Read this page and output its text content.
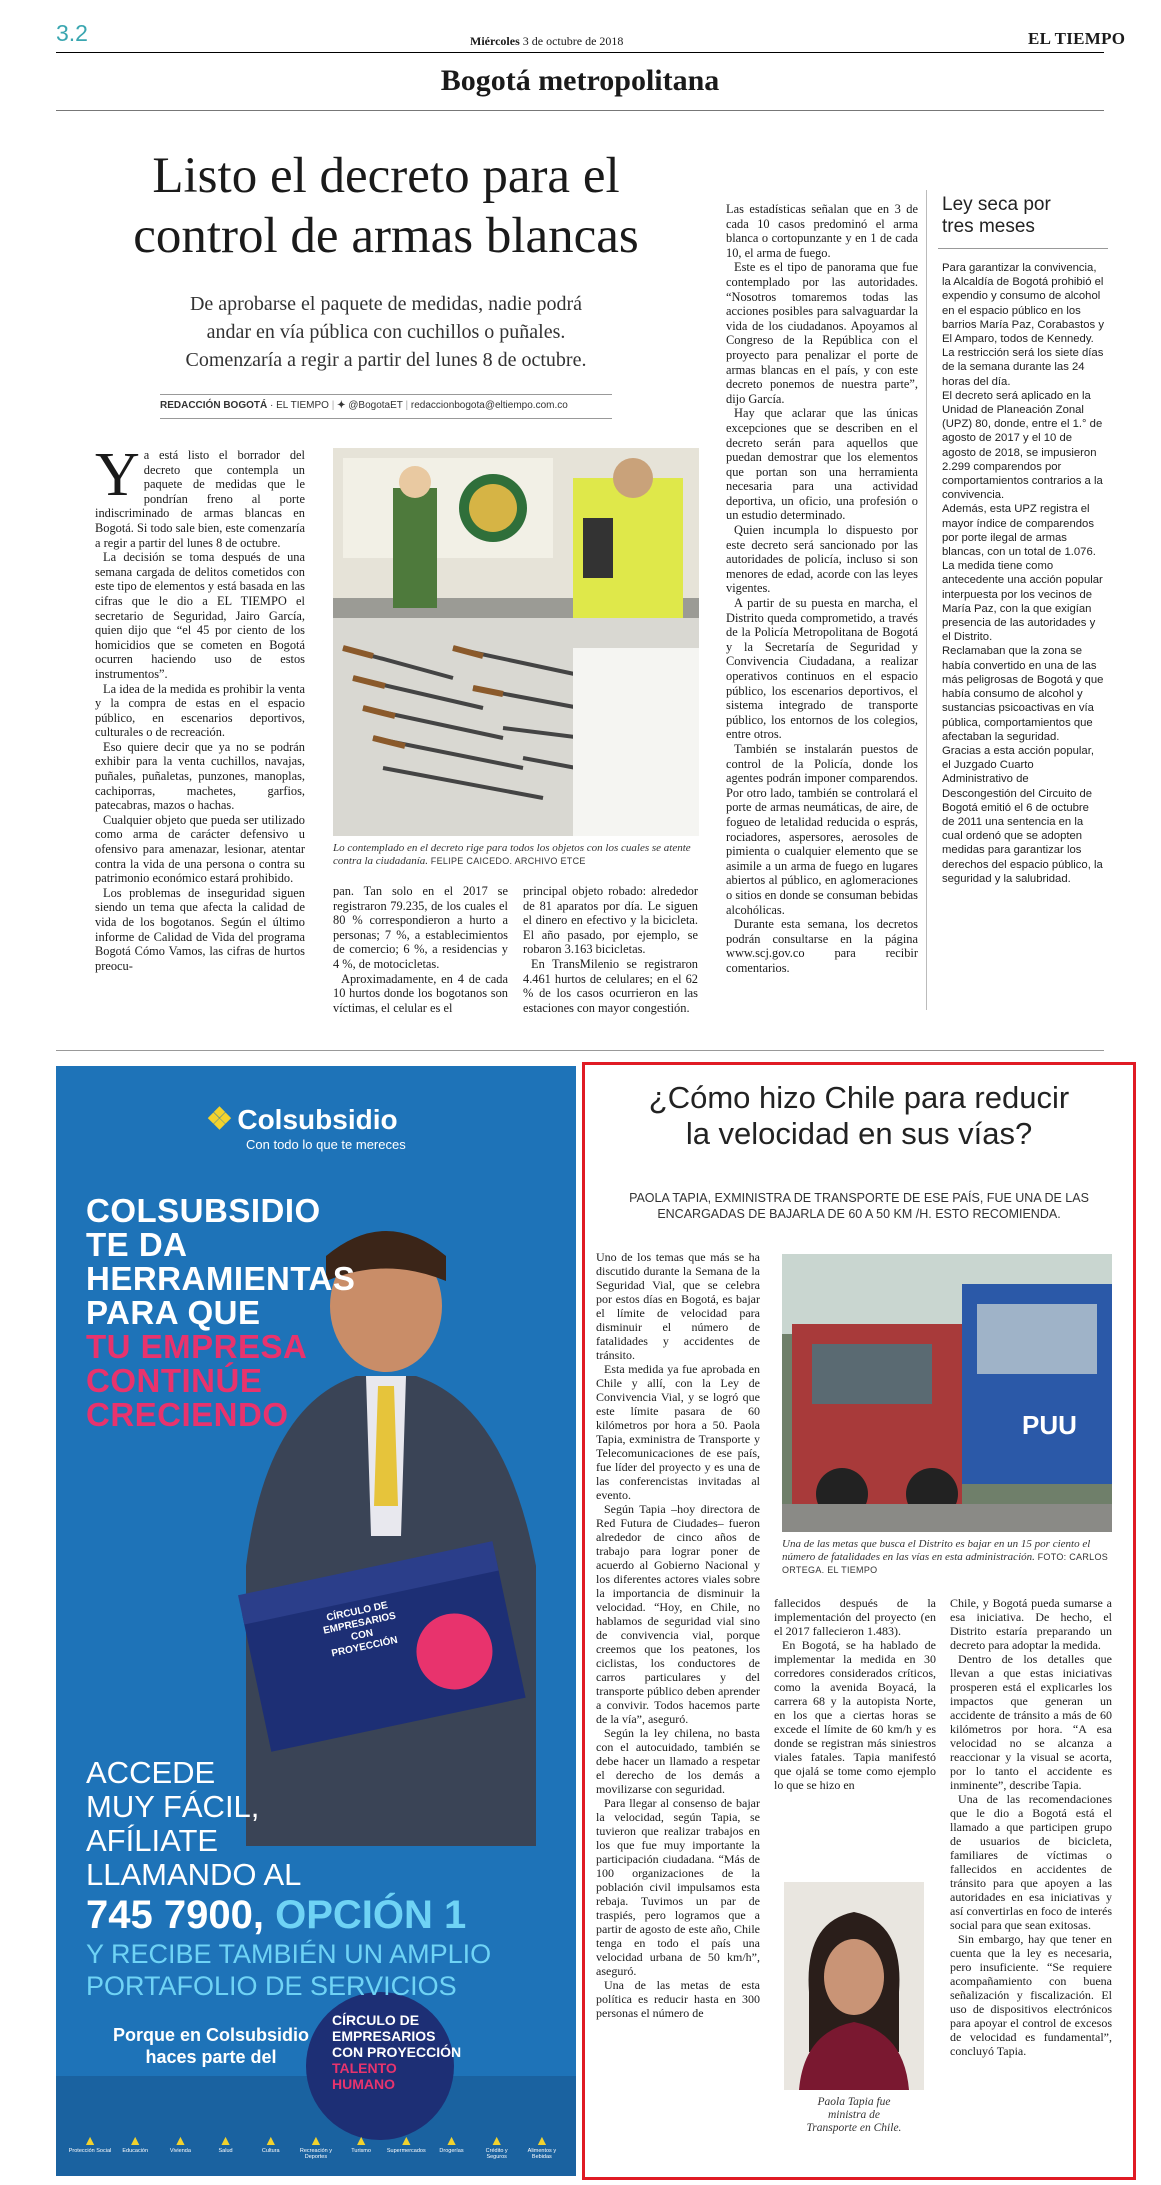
3.2	Miércoles 3 de octubre de 2018	EL TIEMPO
Bogotá metropolitana
Listo el decreto para el
control de armas blancas
De aprobarse el paquete de medidas, nadie podrá
andar en vía pública con cuchillos o puñales.
Comenzaría a regir a partir del lunes 8 de octubre.
REDACCIÓN BOGOTÁ · EL TIEMPO | ✦ @BogotaET | redaccionbogota@eltiempo.com.co
Y a está listo el borrador del decreto que contempla un paquete de medidas que le pondrían freno al porte indiscriminado de armas blancas en Bogotá. Si todo sale bien, este comenzaría a regir a partir del lunes 8 de octubre.

La decisión se toma después de una semana cargada de delitos cometidos con este tipo de elementos y está basada en las cifras que le dio a EL TIEMPO el secretario de Seguridad, Jairo García, quien dijo que “el 45 por ciento de los homicidios que se cometen en Bogotá ocurren haciendo uso de estos instrumentos”.

La idea de la medida es prohibir la venta y la compra de estas en el espacio público, en escenarios deportivos, culturales o de recreación.

Eso quiere decir que ya no se podrán exhibir para la venta cuchillos, navajas, puñales, puñaletas, punzones, manoplas, cachiporras, machetes, garfios, patecabras, mazos o hachas.

Cualquier objeto que pueda ser utilizado como arma de carácter defensivo u ofensivo para amenazar, lesionar, atentar contra la vida de una persona o contra su patrimonio económico estará prohibido.

Los problemas de inseguridad siguen siendo un tema que afecta la calidad de vida de los bogotanos. Según el último informe de Calidad de Vida del programa Bogotá Cómo Vamos, las cifras de hurtos preocu-

Lo contemplado en el decreto rige para todos los objetos con los cuales se atente contra la ciudadanía. FELIPE CAICEDO. ARCHIVO ETCE
pan. Tan solo en el 2017 se registraron 79.235, de los cuales el 80 % correspondieron a hurto a personas; 7 %, a establecimientos de comercio; 6 %, a residencias y 4 %, de motocicletas.

Aproximadamente, en 4 de cada 10 hurtos donde los bogotanos son víctimas, el celular es el

principal objeto robado: alrededor de 81 aparatos por día. Le siguen el dinero en efectivo y la bicicleta. El año pasado, por ejemplo, se robaron 3.163 bicicletas.

En TransMilenio se registraron 4.461 hurtos de celulares; en el 62 % de los casos ocurrieron en las estaciones con mayor congestión.

Las estadísticas señalan que en 3 de cada 10 casos predominó el arma blanca o cortopunzante y en 1 de cada 10, el arma de fuego.

Este es el tipo de panorama que fue contemplado por las autoridades. “Nosotros tomaremos todas las acciones posibles para salvaguardar la vida de los ciudadanos. Apoyamos al Congreso de la República con el proyecto para penalizar el porte de armas blancas en el país, y con este decreto ponemos de nuestra parte”, dijo García.

Hay que aclarar que las únicas excepciones que se describen en el decreto serán para aquellos que puedan demostrar que los elementos que portan son una herramienta necesaria para una actividad deportiva, un oficio, una profesión o un estudio determinado.

Quien incumpla lo dispuesto por este decreto será sancionado por las autoridades de policía, incluso si son menores de edad, acorde con las leyes vigentes.

A partir de su puesta en marcha, el Distrito queda comprometido, a través de la Policía Metropolitana de Bogotá y la Secretaría de Seguridad y Convivencia Ciudadana, a realizar operativos continuos en el espacio público, los escenarios deportivos, el sistema integrado de transporte público, los entornos de los colegios, entre otros.

También se instalarán puestos de control de la Policía, donde los agentes podrán imponer comparendos. Por otro lado, también se controlará el porte de armas neumáticas, de aire, de fogueo de letalidad reducida o esprás, rociadores, aspersores, aerosoles de pimienta o cualquier elemento que se asimile a un arma de fuego en lugares abiertos al público, en aglomeraciones o sitios en donde se consuman bebidas alcohólicas.

Durante esta semana, los decretos podrán consultarse en la página www.scj.gov.co para recibir comentarios.

Ley seca por
tres meses

Para garantizar la convivencia, la Alcaldía de Bogotá prohibió el expendio y consumo de alcohol en el espacio público en los barrios María Paz, Corabastos y El Amparo, todos de Kennedy.

La restricción será los siete días de la semana durante las 24 horas del día.

El decreto será aplicado en la Unidad de Planeación Zonal (UPZ) 80, donde, entre el 1.° de agosto de 2017 y el 10 de agosto de 2018, se impusieron 2.299 comparendos por comportamientos contrarios a la convivencia.

Además, esta UPZ registra el mayor índice de comparendos por porte ilegal de armas blancas, con un total de 1.076.

La medida tiene como antecedente una acción popular interpuesta por los vecinos de María Paz, con la que exigían presencia de las autoridades y el Distrito.

Reclamaban que la zona se había convertido en una de las más peligrosas de Bogotá y que había consumo de alcohol y sustancias psicoactivas en vía pública, comportamientos que afectaban la seguridad.

Gracias a esta acción popular, el Juzgado Cuarto Administrativo de Descongestión del Circuito de Bogotá emitió el 6 de octubre de 2011 una sentencia en la cual ordenó que se adopten medidas para garantizar los derechos del espacio público, la seguridad y la salubridad.

❖ Colsubsidio
Con todo lo que te mereces
COLSUBSIDIO
TE DA
HERRAMIENTAS
PARA QUE
TU EMPRESA
CONTINÚE
CRECIENDO
CÍRCULO DE EMPRESARIOS CON PROYECCIÓN
ACCEDE
MUY FÁCIL,
AFÍLIATE
LLAMANDO AL
745 7900, OPCIÓN 1
Y RECIBE TAMBIÉN UN AMPLIO
PORTAFOLIO DE SERVICIOS
Porque en Colsubsidio
haces parte del
CÍRCULO DE
EMPRESARIOS
CON PROYECCIÓN
TALENTO
HUMANO
▲
Protección Social
▲
Educación
▲
Vivienda
▲
Salud
▲
Cultura
▲
Recreación y Deportes
▲
Turismo
▲
Supermercados
▲
Drogerías
▲
Crédito y Seguros
▲
Alimentos y Bebidas
¿Cómo hizo Chile para reducir
la velocidad en sus vías?
PAOLA TAPIA, EXMINISTRA DE TRANSPORTE DE ESE PAÍS, FUE UNA DE LAS
ENCARGADAS DE BAJARLA DE 60 A 50 KM /H. ESTO RECOMIENDA.
Uno de los temas que más se ha discutido durante la Semana de la Seguridad Vial, que se celebra por estos días en Bogotá, es bajar el límite de velocidad para disminuir el número de fatalidades y accidentes de tránsito.

Esta medida ya fue aprobada en Chile y allí, con la Ley de Convivencia Vial, y se logró que este límite pasara de 60 kilómetros por hora a 50. Paola Tapia, exministra de Transporte y Telecomunicaciones de ese país, fue líder del proyecto y es una de las conferencistas invitadas al evento.

Según Tapia –hoy directora de Red Futura de Ciudades– fueron alrededor de cinco años de trabajo para lograr poner de acuerdo al Gobierno Nacional y los diferentes actores viales sobre la importancia de disminuir la velocidad. “Hoy, en Chile, no hablamos de seguridad vial sino de convivencia vial, porque creemos que los peatones, los ciclistas, los conductores de carros particulares y del transporte público deben aprender a convivir. Todos hacemos parte de la vía”, aseguró.

Según la ley chilena, no basta con el autocuidado, también se debe hacer un llamado a respetar el derecho de los demás a movilizarse con seguridad.

Para llegar al consenso de bajar la velocidad, según Tapia, se tuvieron que realizar trabajos en los que fue muy importante la participación ciudadana. “Más de 100 organizaciones de la población civil impulsamos esta rebaja. Tuvimos un par de traspiés, pero logramos que a partir de agosto de este año, Chile tenga en todo el país una velocidad urbana de 50 km/h”, aseguró.

Una de las metas de esta política es reducir hasta en 300 personas el número de

PUU
Una de las metas que busca el Distrito es bajar en un 15 por ciento el número de fatalidades en las vías en esta administración. FOTO: CARLOS ORTEGA. EL TIEMPO
fallecidos después de la implementación del proyecto (en el 2017 fallecieron 1.483).

En Bogotá, se ha hablado de implementar la medida en 30 corredores considerados críticos, como la avenida Boyacá, la carrera 68 y la autopista Norte, en los que a ciertas horas se excede el límite de 60 km/h y es donde se registran más siniestros viales fatales. Tapia manifestó que ojalá se tome como ejemplo lo que se hizo en

Paola Tapia fue
ministra de
Transporte en Chile.
Chile, y Bogotá pueda sumarse a esa iniciativa. De hecho, el Distrito estaría preparando un decreto para adoptar la medida.

Dentro de los detalles que llevan a que estas iniciativas prosperen está el explicarles los impactos que generan un accidente de tránsito a más de 60 kilómetros por hora. “A esa velocidad no se alcanza a reaccionar y la visual se acorta, por lo tanto el accidente es inminente”, describe Tapia.

Una de las recomendaciones que le dio a Bogotá está el llamado a que participen grupo de usuarios de bicicleta, familiares de víctimas o fallecidos en accidentes de tránsito para que apoyen a las autoridades en esa iniciativas y así convertirlas en foco de interés social para que sean exitosas.

Sin embargo, hay que tener en cuenta que la ley es necesaria, pero insuficiente. “Se requiere acompañamiento con buena señalización y fiscalización. El uso de dispositivos electrónicos para apoyar el control de excesos de velocidad es fundamental”, concluyó Tapia.
